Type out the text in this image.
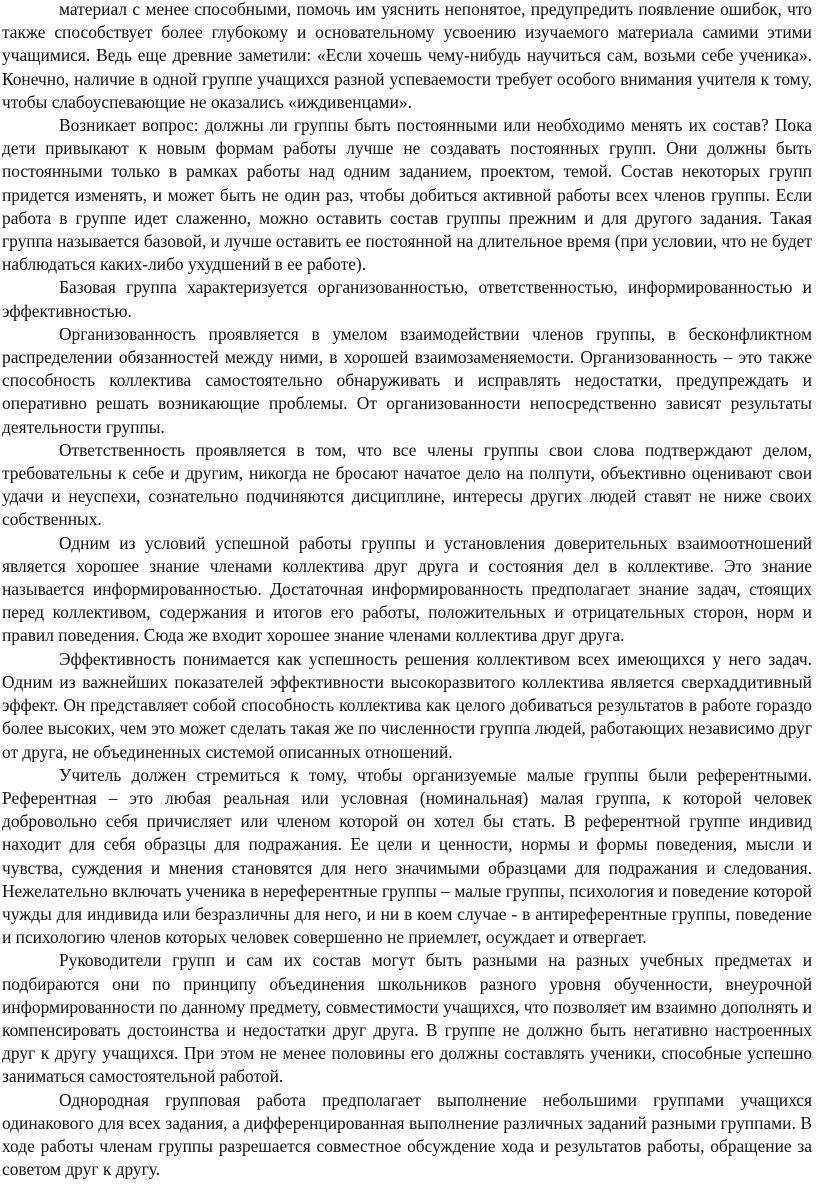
материал с менее способными, помочь им уяснить непонятое, предупредить появление ошибок, что также способствует более глубокому и основательному усвоению изучаемого материала самими этими учащимися. Ведь еще древние заметили: «Если хочешь чему-нибудь научиться сам, возьми себе ученика». Конечно, наличие в одной группе учащихся разной успеваемости требует особого внимания учителя к тому, чтобы слабоуспевающие не оказались «иждивенцами».

Возникает вопрос: должны ли группы быть постоянными или необходимо менять их состав? Пока дети привыкают к новым формам работы лучше не создавать постоянных групп. Они должны быть постоянными только в рамках работы над одним заданием, проектом, темой. Состав некоторых групп придется изменять, и может быть не один раз, чтобы добиться активной работы всех членов группы. Если работа в группе идет слаженно, можно оставить состав группы прежним и для другого задания. Такая группа называется базовой, и лучше оставить ее постоянной на длительное время (при условии, что не будет наблюдаться каких-либо ухудшений в ее работе).

Базовая группа характеризуется организованностью, ответственностью, информированностью и эффективностью.

Организованность проявляется в умелом взаимодействии членов группы, в бесконфликтном распределении обязанностей между ними, в хорошей взаимозаменяемости. Организованность – это также способность коллектива самостоятельно обнаруживать и исправлять недостатки, предупреждать и оперативно решать возникающие проблемы. От организованности непосредственно зависят результаты деятельности группы.

Ответственность проявляется в том, что все члены группы свои слова подтверждают делом, требовательны к себе и другим, никогда не бросают начатое дело на полпути, объективно оценивают свои удачи и неуспехи, сознательно подчиняются дисциплине, интересы других людей ставят не ниже своих собственных.

Одним из условий успешной работы группы и установления доверительных взаимоотношений является хорошее знание членами коллектива друг друга и состояния дел в коллективе. Это знание называется информированностью. Достаточная информированность предполагает знание задач, стоящих перед коллективом, содержания и итогов его работы, положительных и отрицательных сторон, норм и правил поведения. Сюда же входит хорошее знание членами коллектива друг друга.

Эффективность понимается как успешность решения коллективом всех имеющихся у него задач. Одним из важнейших показателей эффективности высокоразвитого коллектива является сверхаддитивный эффект. Он представляет собой способность коллектива как целого добиваться результатов в работе гораздо более высоких, чем это может сделать такая же по численности группа людей, работающих независимо друг от друга, не объединенных системой описанных отношений.

Учитель должен стремиться к тому, чтобы организуемые малые группы были референтными. Референтная – это любая реальная или условная (номинальная) малая группа, к которой человек добровольно себя причисляет или членом которой он хотел бы стать. В референтной группе индивид находит для себя образцы для подражания. Ее цели и ценности, нормы и формы поведения, мысли и чувства, суждения и мнения становятся для него значимыми образцами для подражания и следования. Нежелательно включать ученика в нереферентные группы – малые группы, психология и поведение которой чужды для индивида или безразличны для него, и ни в коем случае - в антиреферентные группы, поведение и психологию членов которых человек совершенно не приемлет, осуждает и отвергает.

Руководители групп и сам их состав могут быть разными на разных учебных предметах и подбираются они по принципу объединения школьников разного уровня обученности, внеурочной информированности по данному предмету, совместимости учащихся, что позволяет им взаимно дополнять и компенсировать достоинства и недостатки друг друга. В группе не должно быть негативно настроенных друг к другу учащихся. При этом не менее половины его должны составлять ученики, способные успешно заниматься самостоятельной работой.

Однородная групповая работа предполагает выполнение небольшими группами учащихся одинакового для всех задания, а дифференцированная выполнение различных заданий разными группами. В ходе работы членам группы разрешается совместное обсуждение хода и результатов работы, обращение за советом друг к другу.
